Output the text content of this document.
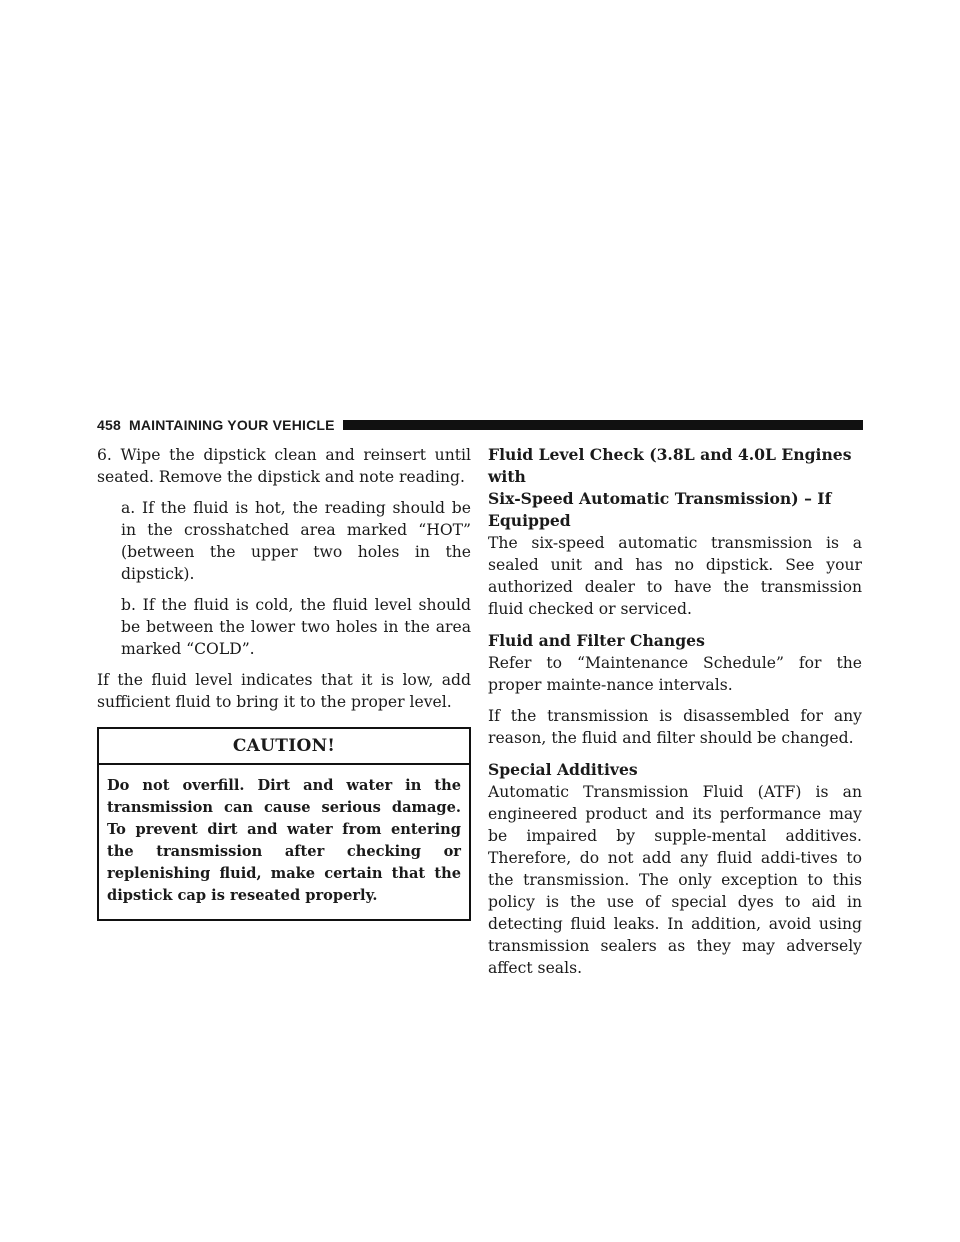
458 MAINTAINING YOUR VEHICLE

6. Wipe the dipstick clean and reinsert until seated. Remove the dipstick and note reading.

a. If the fluid is hot, the reading should be in the crosshatched area marked “HOT” (between the upper two holes in the dipstick).

b. If the fluid is cold, the fluid level should be between the lower two holes in the area marked “COLD”.

If the fluid level indicates that it is low, add sufficient fluid to bring it to the proper level.

CAUTION!
Do not overfill. Dirt and water in the transmission can cause serious damage. To prevent dirt and water from entering the transmission after checking or replenishing fluid, make certain that the dipstick cap is reseated properly.
Fluid Level Check (3.8L and 4.0L Engines with
Six-Speed Automatic Transmission) – If Equipped

The six-speed automatic transmission is a sealed unit and has no dipstick. See your authorized dealer to have the transmission fluid checked or serviced.

Fluid and Filter Changes

Refer to “Maintenance Schedule” for the proper mainte-nance intervals.

If the transmission is disassembled for any reason, the fluid and filter should be changed.

Special Additives

Automatic Transmission Fluid (ATF) is an engineered product and its performance may be impaired by supple-mental additives. Therefore, do not add any fluid addi-tives to the transmission. The only exception to this policy is the use of special dyes to aid in detecting fluid leaks. In addition, avoid using transmission sealers as they may adversely affect seals.
